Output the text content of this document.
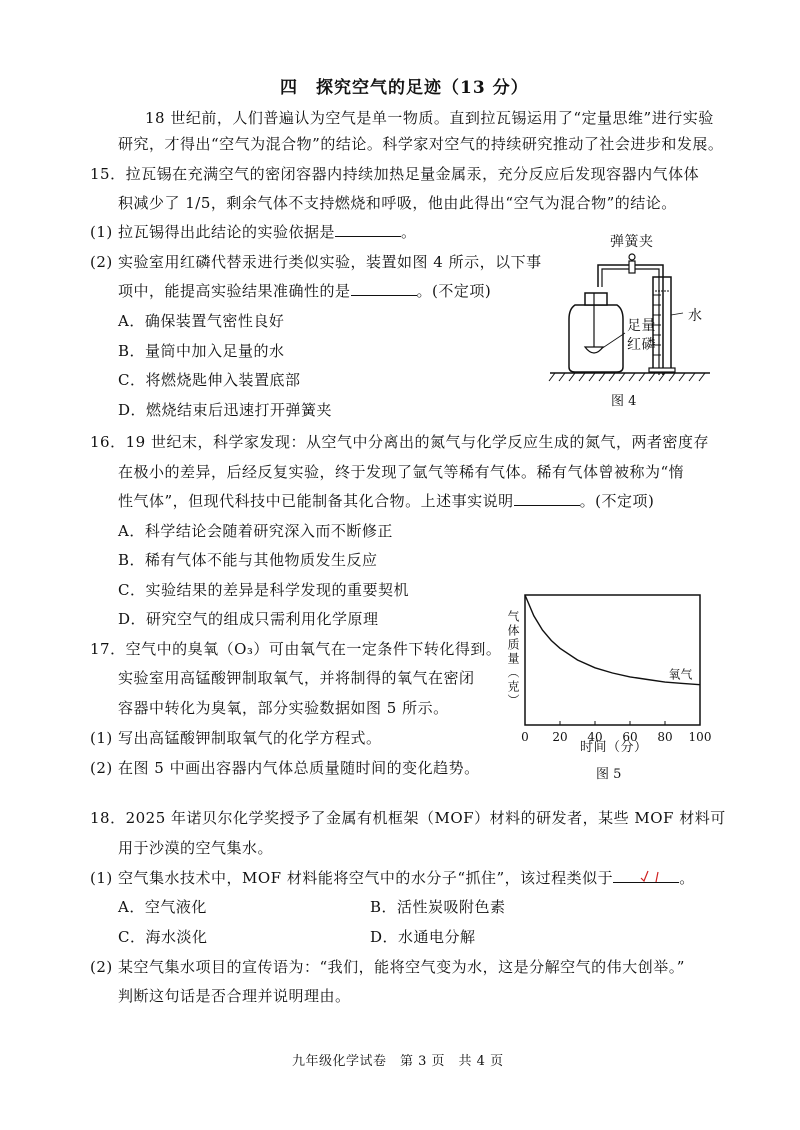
四　探究空气的足迹（13 分）
18 世纪前，人们普遍认为空气是单一物质。直到拉瓦锡运用了“定量思维”进行实验
研究，才得出“空气为混合物”的结论。科学家对空气的持续研究推动了社会进步和发展。
15．拉瓦锡在充满空气的密闭容器内持续加热足量金属汞，充分反应后发现容器内气体体
积减少了 1/5，剩余气体不支持燃烧和呼吸，他由此得出“空气为混合物”的结论。
(1) 拉瓦锡得出此结论的实验依据是	。
(2) 实验室用红磷代替汞进行类似实验，装置如图 4 所示，以下事
项中，能提高实验结果准确性的是	。(不定项)
A．确保装置气密性良好
B．量筒中加入足量的水
C．将燃烧匙伸入装置底部
D．燃烧结束后迅速打开弹簧夹
弹簧夹
水
足量
红磷
图 4
16．19 世纪末，科学家发现：从空气中分离出的氮气与化学反应生成的氮气，两者密度存
在极小的差异，后经反复实验，终于发现了氩气等稀有气体。稀有气体曾被称为“惰
性气体”，但现代科技中已能制备其化合物。上述事实说明	。(不定项)
A．科学结论会随着研究深入而不断修正
B．稀有气体不能与其他物质发生反应
C．实验结果的差异是科学发现的重要契机
D．研究空气的组成只需利用化学原理
17．空气中的臭氧（O₃）可由氧气在一定条件下转化得到。
实验室用高锰酸钾制取氧气，并将制得的氧气在密闭
容器中转化为臭氧，部分实验数据如图 5 所示。
(1) 写出高锰酸钾制取氧气的化学方程式。
(2) 在图 5 中画出容器内气体总质量随时间的变化趋势。
0 20 40 60 80 100
氧气
气体质量（克）
时间（分）
图 5
18．2025 年诺贝尔化学奖授予了金属有机框架（MOF）材料的研发者，某些 MOF 材料可
用于沙漠的空气集水。
(1) 空气集水技术中，MOF 材料能将空气中的水分子“抓住”，该过程类似于	。
A．空气液化	B．活性炭吸附色素
C．海水淡化	D．水通电分解
(2) 某空气集水项目的宣传语为：“我们，能将空气变为水，这是分解空气的伟大创举。”
判断这句话是否合理并说明理由。
九年级化学试卷　第 3 页　共 4 页
